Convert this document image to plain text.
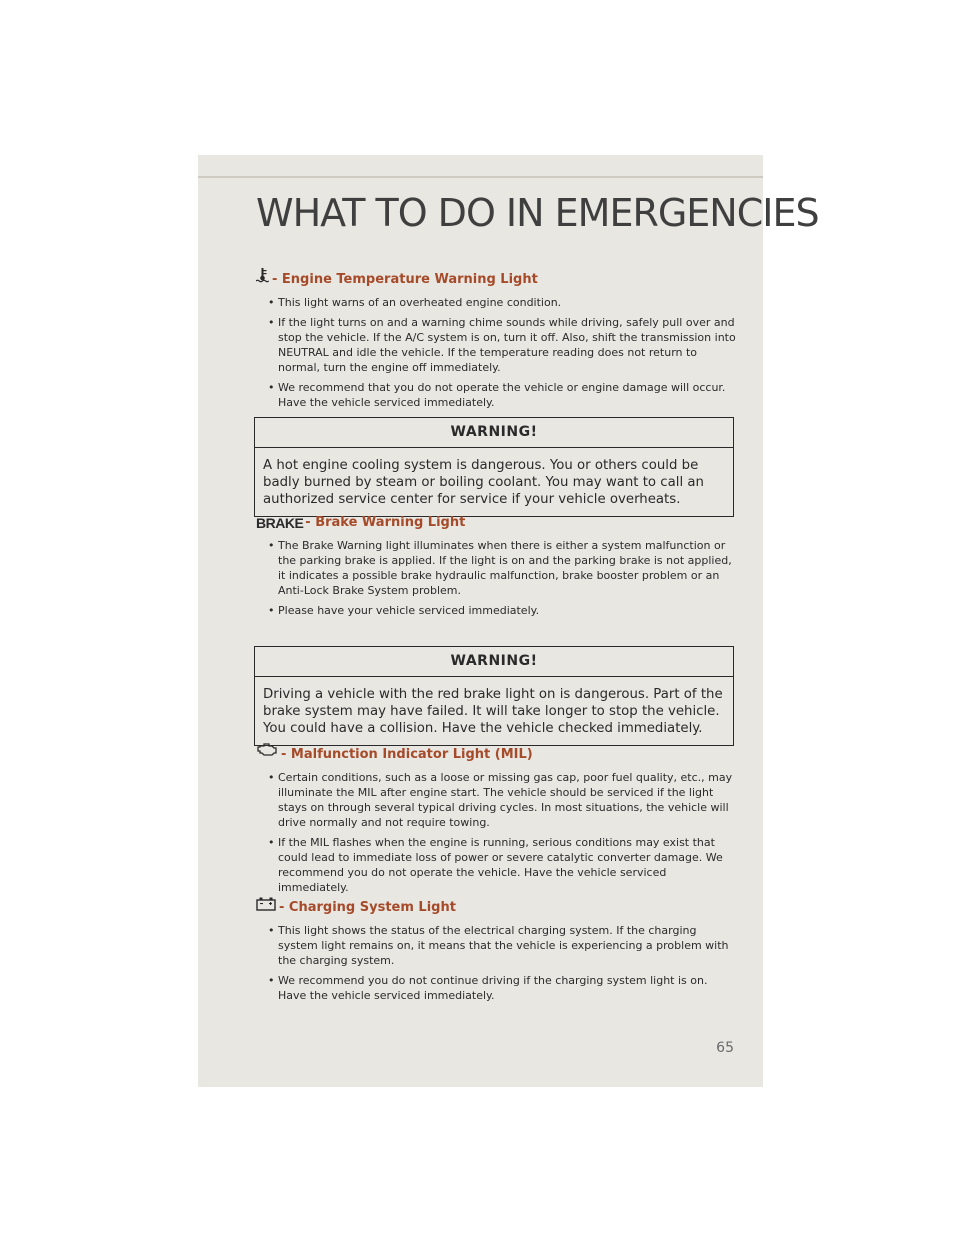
WHAT TO DO IN EMERGENCIES
- Engine Temperature Warning Light
• This light warns of an overheated engine condition.
• If the light turns on and a warning chime sounds while driving, safely pull over and stop the vehicle. If the A/C system is on, turn it off. Also, shift the transmission into NEUTRAL and idle the vehicle. If the temperature reading does not return to normal, turn the engine off immediately.
• We recommend that you do not operate the vehicle or engine damage will occur. Have the vehicle serviced immediately.
WARNING!
A hot engine cooling system is dangerous. You or others could be badly burned by steam or boiling coolant. You may want to call an authorized service center for service if your vehicle overheats.
BRAKE - Brake Warning Light
• The Brake Warning light illuminates when there is either a system malfunction or the parking brake is applied. If the light is on and the parking brake is not applied, it indicates a possible brake hydraulic malfunction, brake booster problem or an Anti-Lock Brake System problem.
• Please have your vehicle serviced immediately.
WARNING!
Driving a vehicle with the red brake light on is dangerous. Part of the brake system may have failed. It will take longer to stop the vehicle. You could have a collision. Have the vehicle checked immediately.
- Malfunction Indicator Light (MIL)
• Certain conditions, such as a loose or missing gas cap, poor fuel quality, etc., may illuminate the MIL after engine start. The vehicle should be serviced if the light stays on through several typical driving cycles. In most situations, the vehicle will drive normally and not require towing.
• If the MIL flashes when the engine is running, serious conditions may exist that could lead to immediate loss of power or severe catalytic converter damage. We recommend you do not operate the vehicle. Have the vehicle serviced immediately.
- Charging System Light
• This light shows the status of the electrical charging system. If the charging system light remains on, it means that the vehicle is experiencing a problem with the charging system.
• We recommend you do not continue driving if the charging system light is on. Have the vehicle serviced immediately.
65
